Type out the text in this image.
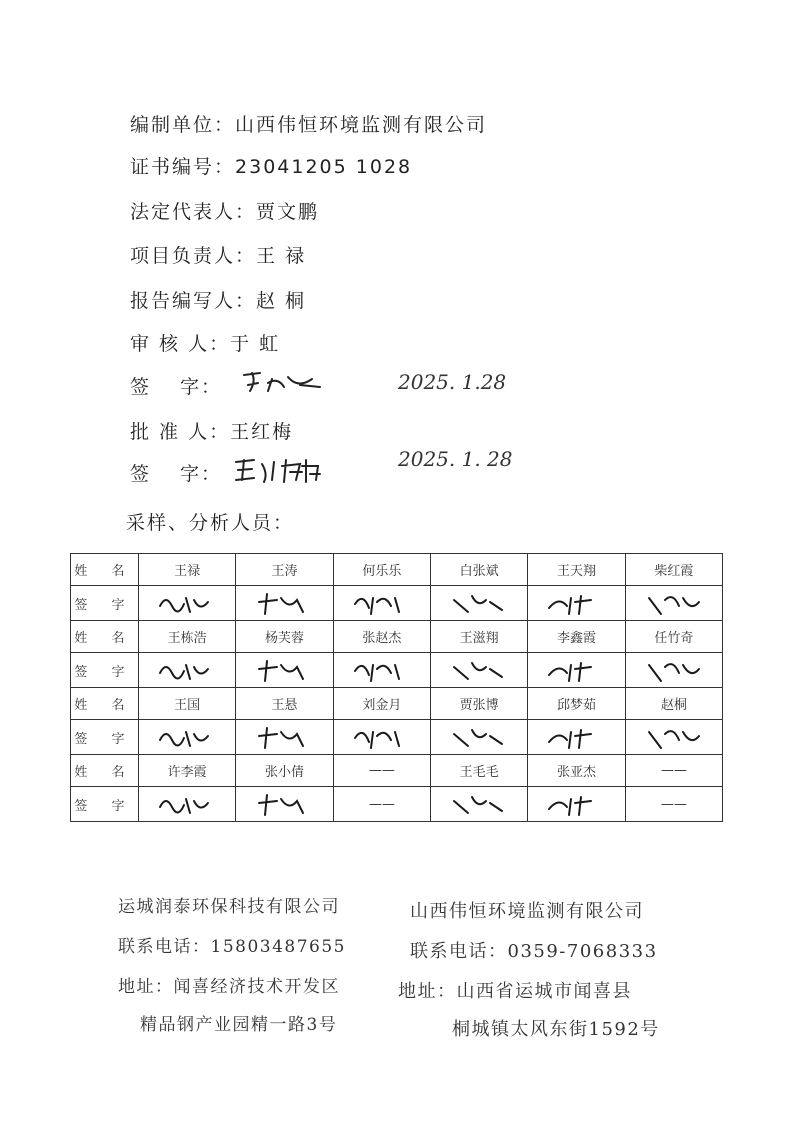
编制单位：山西伟恒环境监测有限公司
证书编号：23041205 1028
法定代表人：贾文鹏
项目负责人：王 禄
报告编写人：赵 桐
审 核 人：于 虹
签　 字：	2025. 1.28
批 准 人：王红梅
签　 字：
2025. 1. 28
采样、分析人员：
姓 名	王禄	王涛	何乐乐	白张斌	王天翔	柴红霞
签 字	

姓 名	王栋浩	杨芙蓉	张赵杰	王滋翔	李鑫霞	任竹奇
签 字	

姓 名	王国	王悬	刘金月	贾张博	邱梦茹	赵桐
签 字	

姓 名	许李霞	张小倩	——	王毛毛	张亚杰	——
签 字			——			——
运城润泰环保科技有限公司
联系电话：15803487655
地址：闻喜经济技术开发区
精品钢产业园精一路3号
山西伟恒环境监测有限公司
联系电话：0359-7068333
地址：山西省运城市闻喜县
桐城镇太风东街1592号
